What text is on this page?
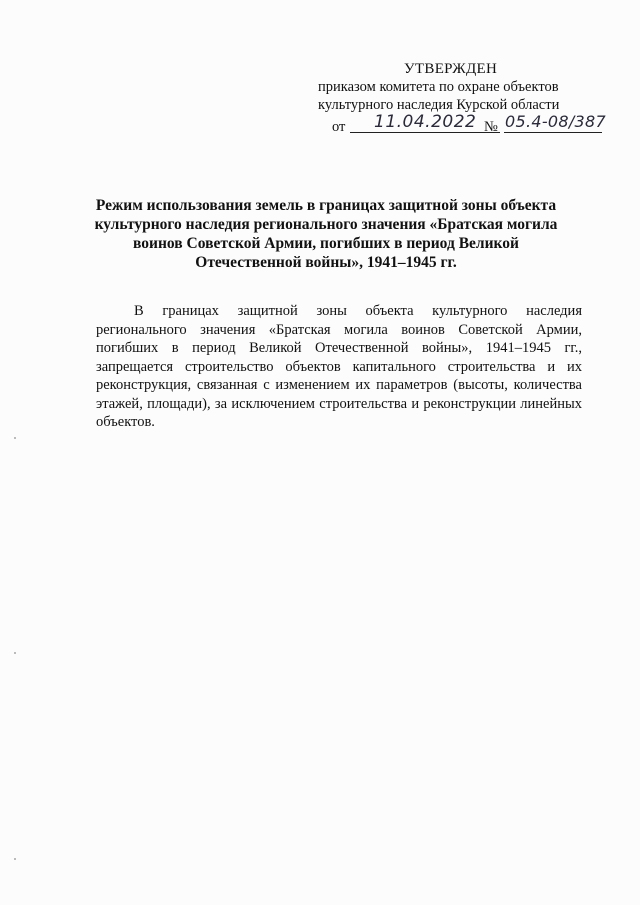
УТВЕРЖДЕН
приказом комитета по охране объектов
культурного наследия Курской области
от 11.04.2022 № 05.4-08/387
Режим использования земель в границах защитной зоны объекта культурного наследия регионального значения «Братская могила воинов Советской Армии, погибших в период Великой Отечественной войны», 1941–1945 гг.
В границах защитной зоны объекта культурного наследия регионального значения «Братская могила воинов Советской Армии, погибших в период Великой Отечественной войны», 1941–1945 гг., запрещается строительство объектов капитального строительства и их реконструкция, связанная с изменением их параметров (высоты, количества этажей, площади), за исключением строительства и реконструкции линейных объектов.
